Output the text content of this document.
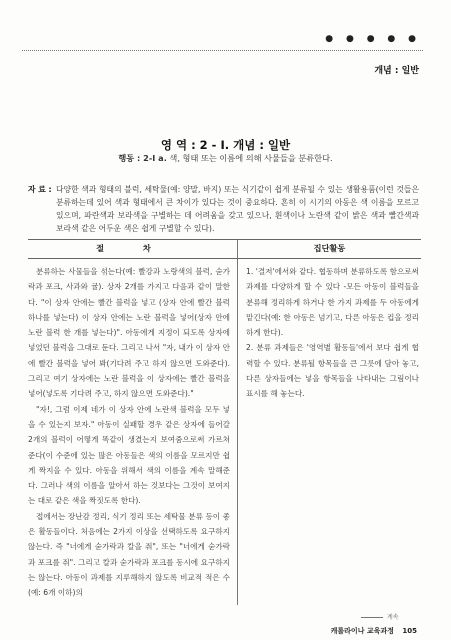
● ● ● ● ●
개념 : 일반
영 역 : 2 - Ⅰ. 개념 : 일반
행동 : 2-Ⅰ a. 색, 형태 또는 이름에 의해 사물들을 분류한다.
자 료 : 다양한 색과 형태의 블럭, 세탁물(예: 양말, 바지) 또는 식기같이 쉽게 분류될 수 있는 생활용품(이런 것들은 분류하는데 있어 색과 형태에서 큰 차이가 있다는 것이 중요하다. 흔히 이 시기의 아동은 색 이름을 모르고 있으며, 파란색과 보라색을 구별하는 데 어려움을 갖고 있으나, 흰색이나 노란색 같이 밝은 색과 빨간색과 보라색 같은 어두운 색은 쉽게 구별할 수 있다).
절 차	집단활동

분류하는 사물들을 섞는다(예: 빨강과 노랑색의 블럭, 숟가락과 포크, 사과와 귤). 상자 2개를 가지고 다음과 같이 말한다. "이 상자 안에는 빨간 블럭을 넣고 (상자 안에 빨간 블럭 하나를 넣는다) 이 상자 안에는 노란 블럭을 넣어(상자 안에 노란 블럭 한 개를 넣는다)". 아동에게 지정이 되도록 상자에 넣었던 블럭을 그대로 둔다. 그리고 나서 "자, 내가 이 상자 안에 빨간 블럭을 넣어 봐(기다려 주고 하지 않으면 도와준다). 그리고 여기 상자에는 노란 블럭을 이 상자에는 빨간 블럭을 넣어(넣도록 기다려 주고, 하지 않으면 도와준다)."

"자!, 그럼 이제 네가 이 상자 안에 노란색 블럭을 모두 넣을 수 있는지 보자." 아동이 실패할 경우 같은 상자에 들어갈 2개의 블럭이 어떻게 똑같이 생겼는지 보여줌으로써 가르쳐준다(이 수준에 있는 많은 아동들은 색의 이름을 모르지만 쉽게 짝지을 수 있다. 아동을 위해서 색의 이름을 계속 말해준다. 그러나 색의 이름을 알아서 하는 것보다는 그것이 보여지는 대로 같은 색을 짝짓도록 한다).

접에서는 장난감 정리, 식기 정리 또는 세탁물 분류 등이 좋은 활동들이다. 처음에는 2가지 이상을 선택하도록 요구하지 않는다. 즉 "너에게 숟가락과 칼을 줘", 또는 "너에게 숟가락과 포크를 줘". 그리고 칼과 숟가락과 포크를 동시에 요구하지는 않는다. 아동이 과제를 지루해하지 않도록 비교적 적은 수(예: 6개 이하)의

1. '결저'에서와 같다. 협동하며 분류하도록 함으로써 과제를 다양하게 할 수 있다 -모든 아동이 블럭들을 분류해 정리하게 하거나 한 가지 과제를 두 아동에게 맡긴다(예: 한 아동은 넘기고, 다른 아동은 컵을 정리하게 한다).

2. 분류 과제들은 '영역별 활동들'에서 보다 쉽게 협력할 수 있다. 분류될 항목들을 큰 그릇에 담아 놓고, 다른 상자들에는 넣을 항목들을 나타내는 그림이나 표시를 해 놓는다.

계속
캐롤라이나 교육과정 105
